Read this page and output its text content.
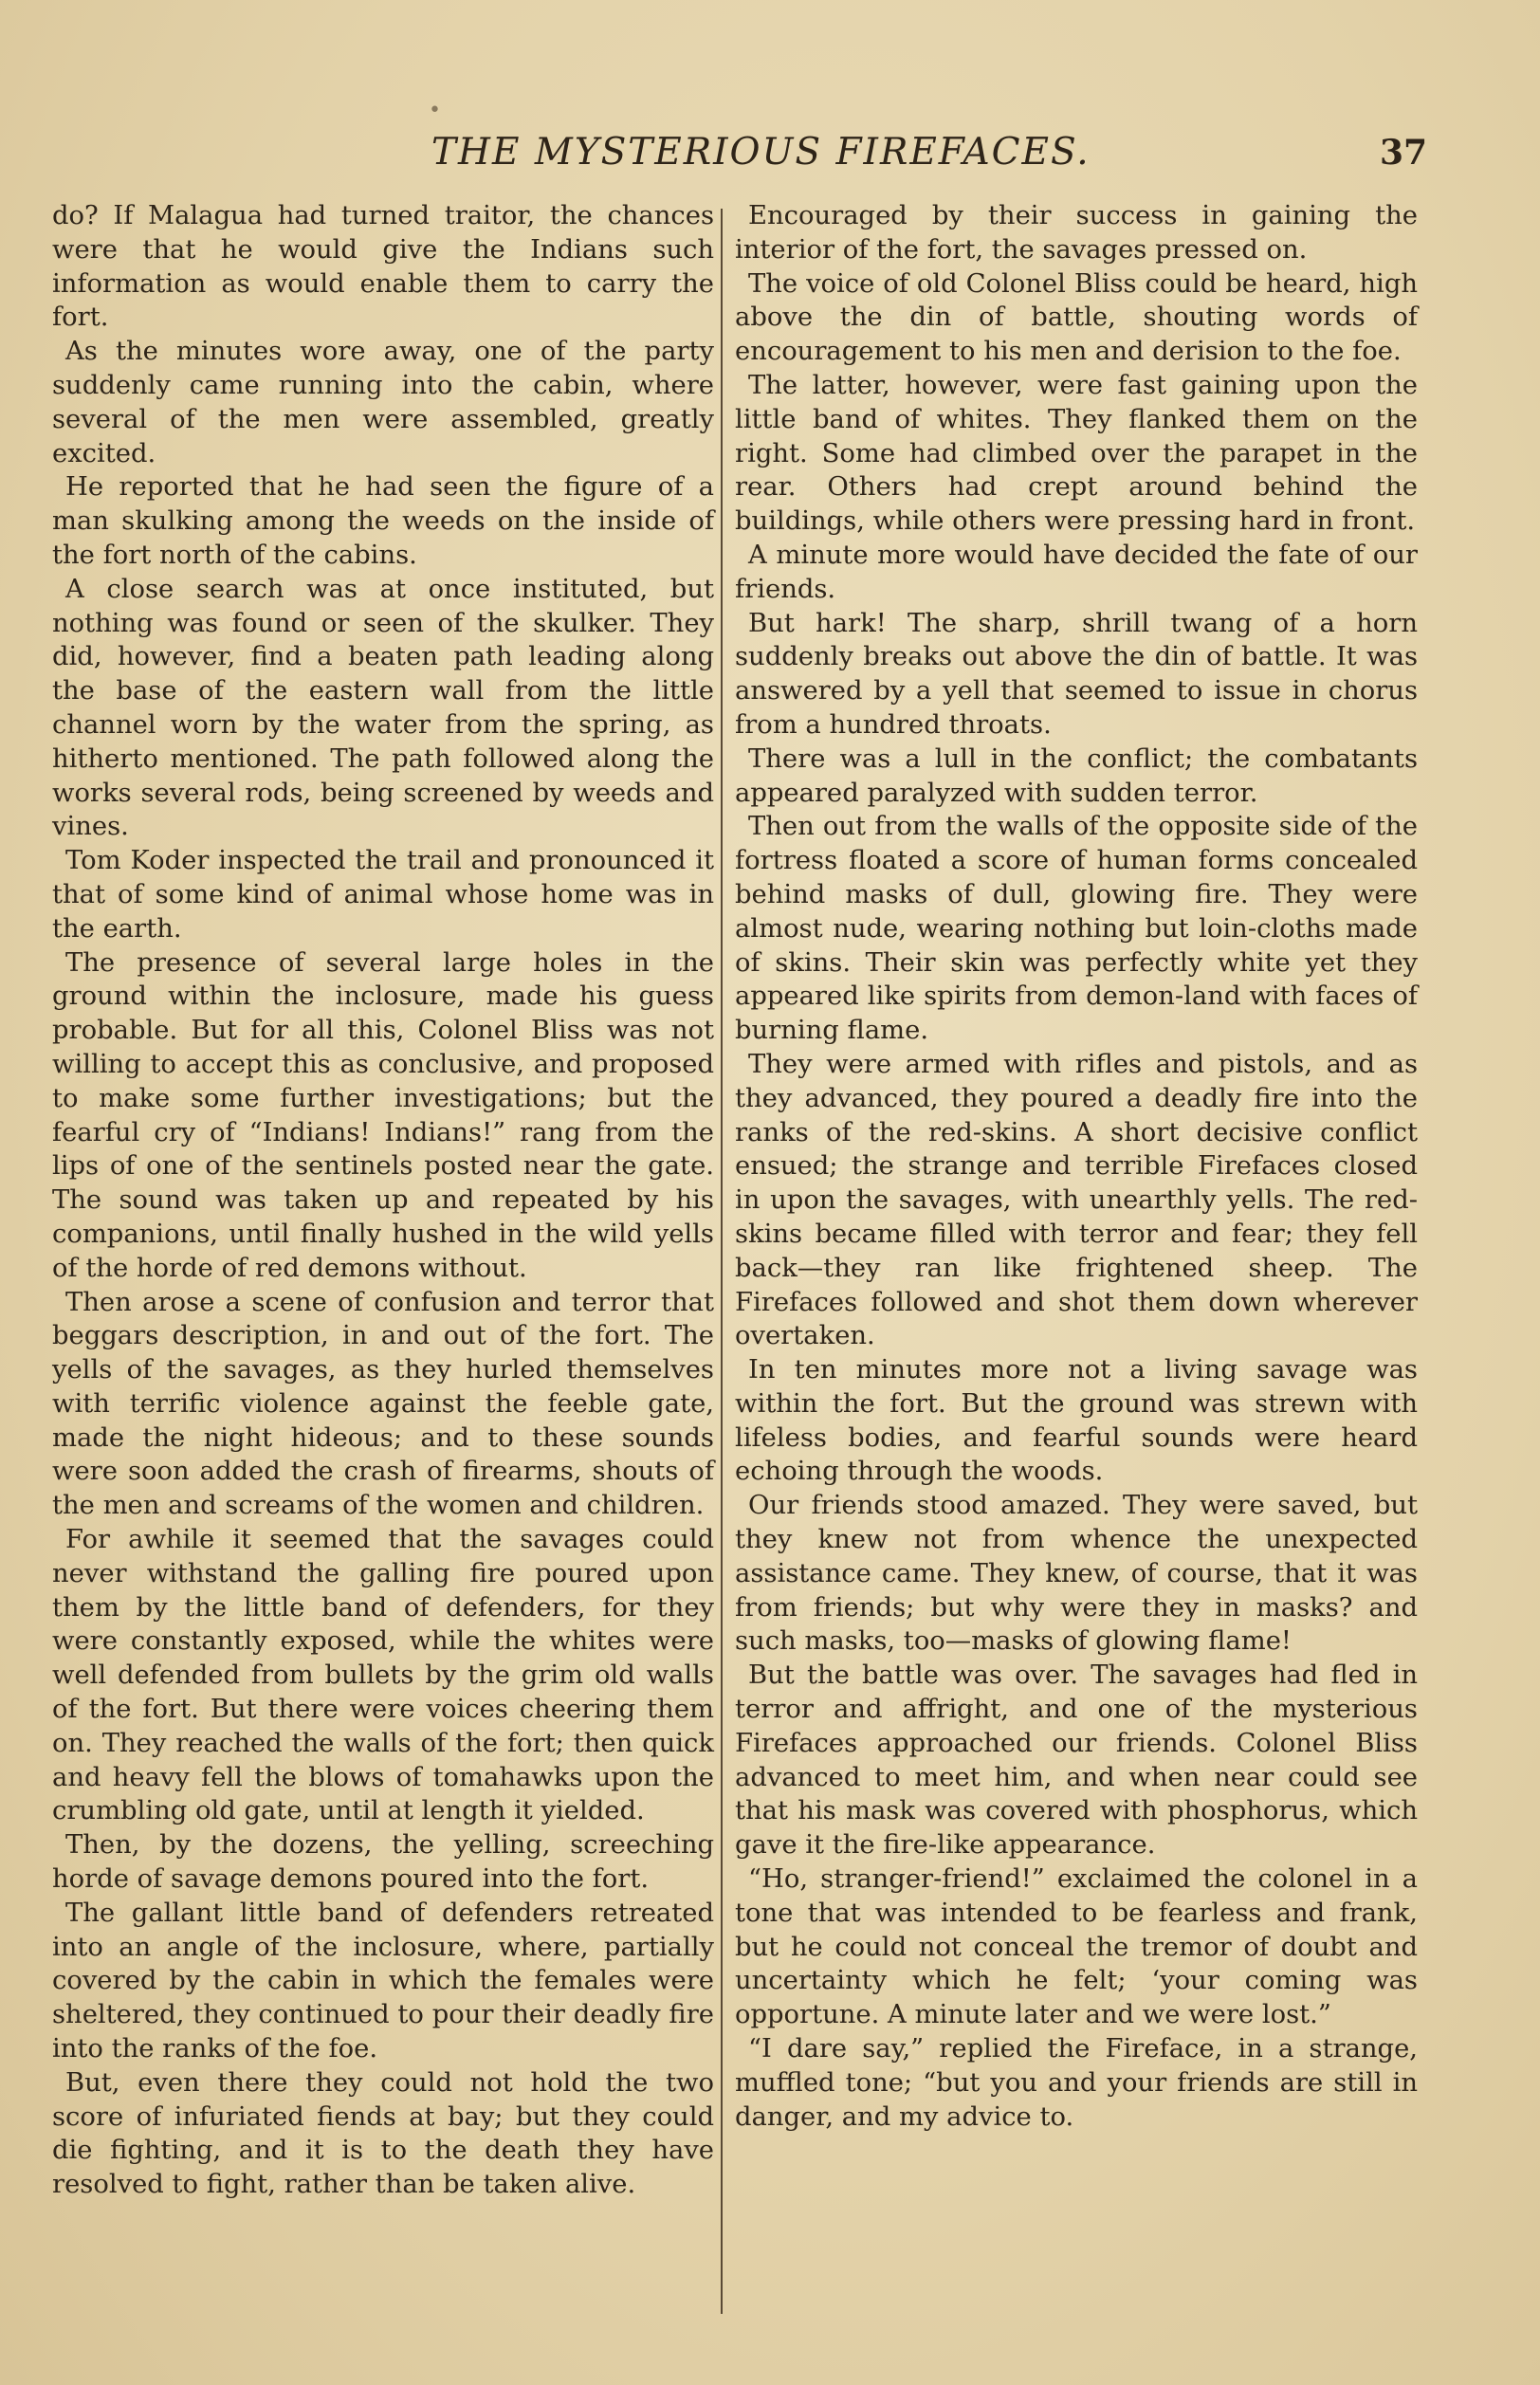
•
THE MYSTERIOUS FIREFACES.	37

do? If Malagua had turned traitor, the chances were that he would give the Indians such information as would enable them to carry the fort.

As the minutes wore away, one of the party suddenly came running into the cabin, where several of the men were assembled, greatly excited.

He reported that he had seen the figure of a man skulking among the weeds on the inside of the fort north of the cabins.

A close search was at once instituted, but nothing was found or seen of the skulker. They did, however, find a beaten path leading along the base of the eastern wall from the little channel worn by the water from the spring, as hitherto mentioned. The path followed along the works several rods, being screened by weeds and vines.

Tom Koder inspected the trail and pronounced it that of some kind of animal whose home was in the earth.

The presence of several large holes in the ground within the inclosure, made his guess probable. But for all this, Colonel Bliss was not willing to accept this as conclusive, and proposed to make some further investigations; but the fearful cry of “Indians! Indians!” rang from the lips of one of the sentinels posted near the gate. The sound was taken up and repeated by his companions, until finally hushed in the wild yells of the horde of red demons without.

Then arose a scene of confusion and terror that beggars description, in and out of the fort. The yells of the savages, as they hurled themselves with terrific violence against the feeble gate, made the night hideous; and to these sounds were soon added the crash of firearms, shouts of the men and screams of the women and children.

For awhile it seemed that the savages could never withstand the galling fire poured upon them by the little band of defenders, for they were constantly exposed, while the whites were well defended from bullets by the grim old walls of the fort. But there were voices cheering them on. They reached the walls of the fort; then quick and heavy fell the blows of tomahawks upon the crumbling old gate, until at length it yielded.

Then, by the dozens, the yelling, screeching horde of savage demons poured into the fort.

The gallant little band of defenders retreated into an angle of the inclosure, where, partially covered by the cabin in which the females were sheltered, they continued to pour their deadly fire into the ranks of the foe.

But, even there they could not hold the two score of infuriated fiends at bay; but they could die fighting, and it is to the death they have resolved to fight, rather than be taken alive.

Encouraged by their success in gaining the interior of the fort, the savages pressed on.

The voice of old Colonel Bliss could be heard, high above the din of battle, shouting words of encouragement to his men and derision to the foe.

The latter, however, were fast gaining upon the little band of whites. They flanked them on the right. Some had climbed over the parapet in the rear. Others had crept around behind the buildings, while others were pressing hard in front.

A minute more would have decided the fate of our friends.

But hark! The sharp, shrill twang of a horn suddenly breaks out above the din of battle. It was answered by a yell that seemed to issue in chorus from a hundred throats.

There was a lull in the conflict; the combatants appeared paralyzed with sudden terror.

Then out from the walls of the opposite side of the fortress floated a score of human forms concealed behind masks of dull, glowing fire. They were almost nude, wearing nothing but loin-cloths made of skins. Their skin was perfectly white yet they appeared like spirits from demon-land with faces of burning flame.

They were armed with rifles and pistols, and as they advanced, they poured a deadly fire into the ranks of the red-skins. A short decisive conflict ensued; the strange and terrible Firefaces closed in upon the savages, with unearthly yells. The red-skins became filled with terror and fear; they fell back—they ran like frightened sheep. The Firefaces followed and shot them down wherever overtaken.

In ten minutes more not a living savage was within the fort. But the ground was strewn with lifeless bodies, and fearful sounds were heard echoing through the woods.

Our friends stood amazed. They were saved, but they knew not from whence the unexpected assistance came. They knew, of course, that it was from friends; but why were they in masks? and such masks, too—masks of glowing flame!

But the battle was over. The savages had fled in terror and affright, and one of the mysterious Firefaces approached our friends. Colonel Bliss advanced to meet him, and when near could see that his mask was covered with phosphorus, which gave it the fire-like appearance.

“Ho, stranger-friend!” exclaimed the colonel in a tone that was intended to be fearless and frank, but he could not conceal the tremor of doubt and uncertainty which he felt; ‘your coming was opportune. A minute later and we were lost.”

“I dare say,” replied the Fireface, in a strange, muffled tone; “but you and your friends are still in danger, and my advice to.
